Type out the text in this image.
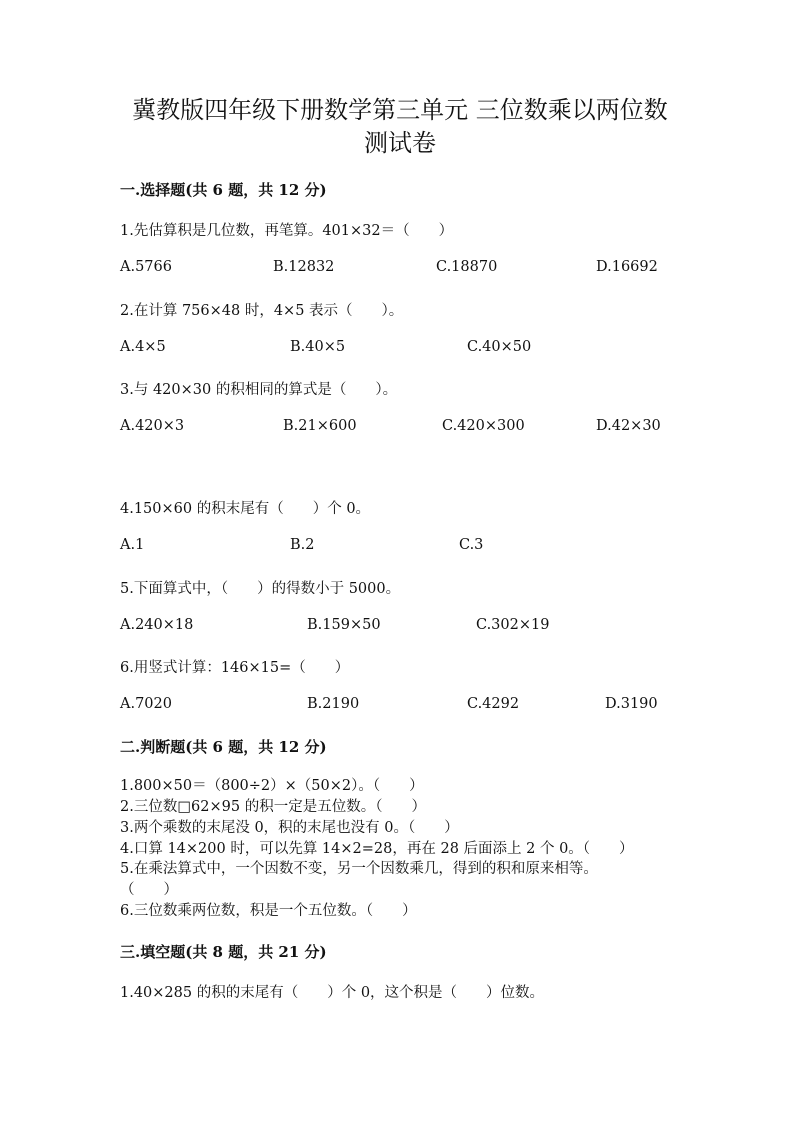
冀教版四年级下册数学第三单元 三位数乘以两位数
测试卷
一.选择题(共 6 题，共 12 分)
1.先估算积是几位数，再笔算。401×32＝（　　）
A.5766	B.12832	C.18870	D.16692
2.在计算 756×48 时，4×5 表示（　　）。
A.4×5	B.40×5	C.40×50
3.与 420×30 的积相同的算式是（　　）。
A.420×3	B.21×600	C.420×300	D.42×30
4.150×60 的积末尾有（　　）个 0。
A.1	B.2	C.3
5.下面算式中，（　　）的得数小于 5000。
A.240×18	B.159×50	C.302×19
6.用竖式计算：146×15=（　　）
A.7020	B.2190	C.4292	D.3190
二.判断题(共 6 题，共 12 分)
1.800×50＝（800÷2）×（50×2）。（　　）
2.三位数□62×95 的积一定是五位数。（　　）
3.两个乘数的末尾没 0，积的末尾也没有 0。（　　）
4.口算 14×200 时，可以先算 14×2=28，再在 28 后面添上 2 个 0。（　　）
5.在乘法算式中，一个因数不变，另一个因数乘几，得到的积和原来相等。
（　　）
6.三位数乘两位数，积是一个五位数。（　　）
三.填空题(共 8 题，共 21 分)
1.40×285 的积的末尾有（　　）个 0，这个积是（　　）位数。
